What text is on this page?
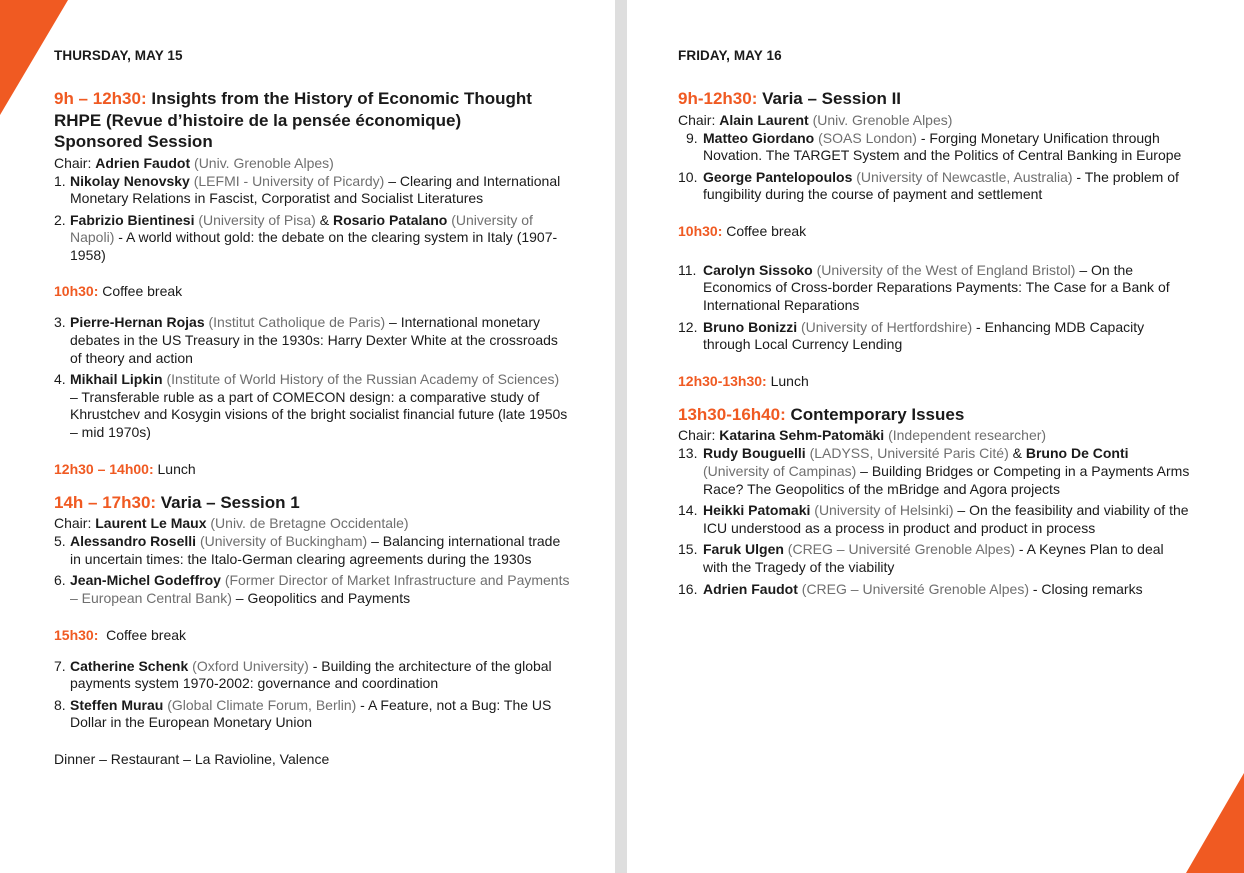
THURSDAY, MAY 15
9h – 12h30: Insights from the History of Economic Thought
RHPE (Revue d’histoire de la pensée économique)
Sponsored Session
Chair: Adrien Faudot (Univ. Grenoble Alpes)
1. Nikolay Nenovsky (LEFMI - University of Picardy) – Clearing and International Monetary Relations in Fascist, Corporatist and Socialist Literatures
2. Fabrizio Bientinesi (University of Pisa) & Rosario Patalano (University of Napoli) - A world without gold: the debate on the clearing system in Italy (1907-1958)
10h30: Coffee break
3. Pierre-Hernan Rojas (Institut Catholique de Paris) – International monetary debates in the US Treasury in the 1930s: Harry Dexter White at the crossroads of theory and action
4. Mikhail Lipkin (Institute of World History of the Russian Academy of Sciences) – Transferable ruble as a part of COMECON design: a comparative study of Khrustchev and Kosygin visions of the bright socialist financial future (late 1950s – mid 1970s)
12h30 – 14h00: Lunch
14h – 17h30: Varia – Session 1
Chair: Laurent Le Maux (Univ. de Bretagne Occidentale)
5. Alessandro Roselli (University of Buckingham) – Balancing international trade in uncertain times: the Italo-German clearing agreements during the 1930s
6. Jean-Michel Godeffroy (Former Director of Market Infrastructure and Payments – European Central Bank) – Geopolitics and Payments
15h30:  Coffee break
7. Catherine Schenk (Oxford University) - Building the architecture of the global payments system 1970-2002: governance and coordination
8. Steffen Murau (Global Climate Forum, Berlin) - A Feature, not a Bug: The US Dollar in the European Monetary Union
Dinner – Restaurant – La Ravioline, Valence
FRIDAY, MAY 16
9h-12h30: Varia – Session II
Chair: Alain Laurent (Univ. Grenoble Alpes)
9. Matteo Giordano (SOAS London) - Forging Monetary Unification through Novation. The TARGET System and the Politics of Central Banking in Europe
10. George Pantelopoulos (University of Newcastle, Australia) - The problem of fungibility during the course of payment and settlement
10h30: Coffee break
11. Carolyn Sissoko (University of the West of England Bristol) – On the Economics of Cross-border Reparations Payments: The Case for a Bank of International Reparations
12. Bruno Bonizzi (University of Hertfordshire) - Enhancing MDB Capacity through Local Currency Lending
12h30-13h30: Lunch
13h30-16h40: Contemporary Issues
Chair: Katarina Sehm-Patomäki (Independent researcher)
13. Rudy Bouguelli (LADYSS, Université Paris Cité) & Bruno De Conti (University of Campinas) – Building Bridges or Competing in a Payments Arms Race? The Geopolitics of the mBridge and Agora projects
14. Heikki Patomaki (University of Helsinki) – On the feasibility and viability of the ICU understood as a process in product and product in process
15. Faruk Ulgen (CREG – Université Grenoble Alpes) - A Keynes Plan to deal with the Tragedy of the viability
16. Adrien Faudot (CREG – Université Grenoble Alpes) - Closing remarks
